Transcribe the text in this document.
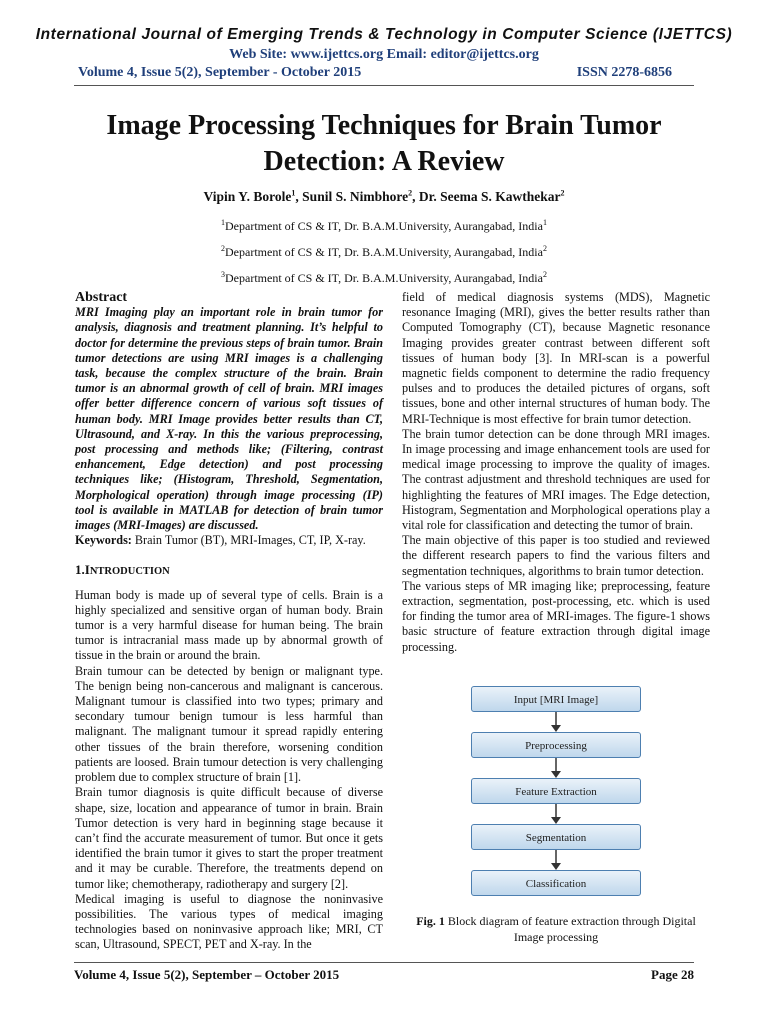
International Journal of Emerging Trends & Technology in Computer Science (IJETTCS)
Web Site: www.ijettcs.org Email: editor@ijettcs.org
Volume 4, Issue 5(2), September - October 2015	ISSN 2278-6856
Image Processing Techniques for Brain Tumor Detection: A Review
Vipin Y. Borole$^1$, Sunil S. Nimbhore$^2$, Dr. Seema S. Kawthekar$^2$
$^1$Department of CS & IT, Dr. B.A.M.University, Aurangabad, India$^1$
$^2$Department of CS & IT, Dr. B.A.M.University, Aurangabad, India$^2$
$^3$Department of CS & IT, Dr. B.A.M.University, Aurangabad, India$^2$
Abstract

MRI Imaging play an important role in brain tumor for analysis, diagnosis and treatment planning. It’s helpful to doctor for determine the previous steps of brain tumor. Brain tumor detections are using MRI images is a challenging task, because the complex structure of the brain. Brain tumor is an abnormal growth of cell of brain. MRI images offer better difference concern of various soft tissues of human body. MRI Image provides better results than CT, Ultrasound, and X-ray. In this the various preprocessing, post processing and methods like; (Filtering, contrast enhancement, Edge detection) and post processing techniques like; (Histogram, Threshold, Segmentation, Morphological operation) through image processing (IP) tool is available in MATLAB for detection of brain tumor images (MRI-Images) are discussed.

Keywords: Brain Tumor (BT), MRI-Images, CT, IP, X-ray.

1.INTRODUCTION

Human body is made up of several type of cells. Brain is a highly specialized and sensitive organ of human body. Brain tumor is a very harmful disease for human being. The brain tumor is intracranial mass made up by abnormal growth of tissue in the brain or around the brain.

Brain tumour can be detected by benign or malignant type. The benign being non-cancerous and malignant is cancerous. Malignant tumour is classified into two types; primary and secondary tumour benign tumour is less harmful than malignant. The malignant tumour it spread rapidly entering other tissues of the brain therefore, worsening condition patients are loosed. Brain tumour detection is very challenging problem due to complex structure of brain [1].

Brain tumor diagnosis is quite difficult because of diverse shape, size, location and appearance of tumor in brain. Brain Tumor detection is very hard in beginning stage because it can’t find the accurate measurement of tumor. But once it gets identified the brain tumor it gives to start the proper treatment and it may be curable. Therefore, the treatments depend on tumor like; chemotherapy, radiotherapy and surgery [2].

Medical imaging is useful to diagnose the noninvasive possibilities. The various types of medical imaging technologies based on noninvasive approach like; MRI, CT scan, Ultrasound, SPECT, PET and X-ray. In the

field of medical diagnosis systems (MDS), Magnetic resonance Imaging (MRI), gives the better results rather than Computed Tomography (CT), because Magnetic resonance Imaging provides greater contrast between different soft tissues of human body [3]. In MRI-scan is a powerful magnetic fields component to determine the radio frequency pulses and to produces the detailed pictures of organs, soft tissues, bone and other internal structures of human body. The MRI-Technique is most effective for brain tumor detection.

The brain tumor detection can be done through MRI images. In image processing and image enhancement tools are used for medical image processing to improve the quality of images. The contrast adjustment and threshold techniques are used for highlighting the features of MRI images. The Edge detection, Histogram, Segmentation and Morphological operations play a vital role for classification and detecting the tumor of brain.

The main objective of this paper is too studied and reviewed the different research papers to find the various filters and segmentation techniques, algorithms to brain tumor detection.

The various steps of MR imaging like; preprocessing, feature extraction, segmentation, post-processing, etc. which is used for finding the tumor area of MRI-images. The figure-1 shows basic structure of feature extraction through digital image processing.

Input [MRI Image]
Preprocessing
Feature Extraction
Segmentation
Classification
Fig. 1 Block diagram of feature extraction through Digital Image processing
Volume 4, Issue 5(2), September – October 2015	Page 28
